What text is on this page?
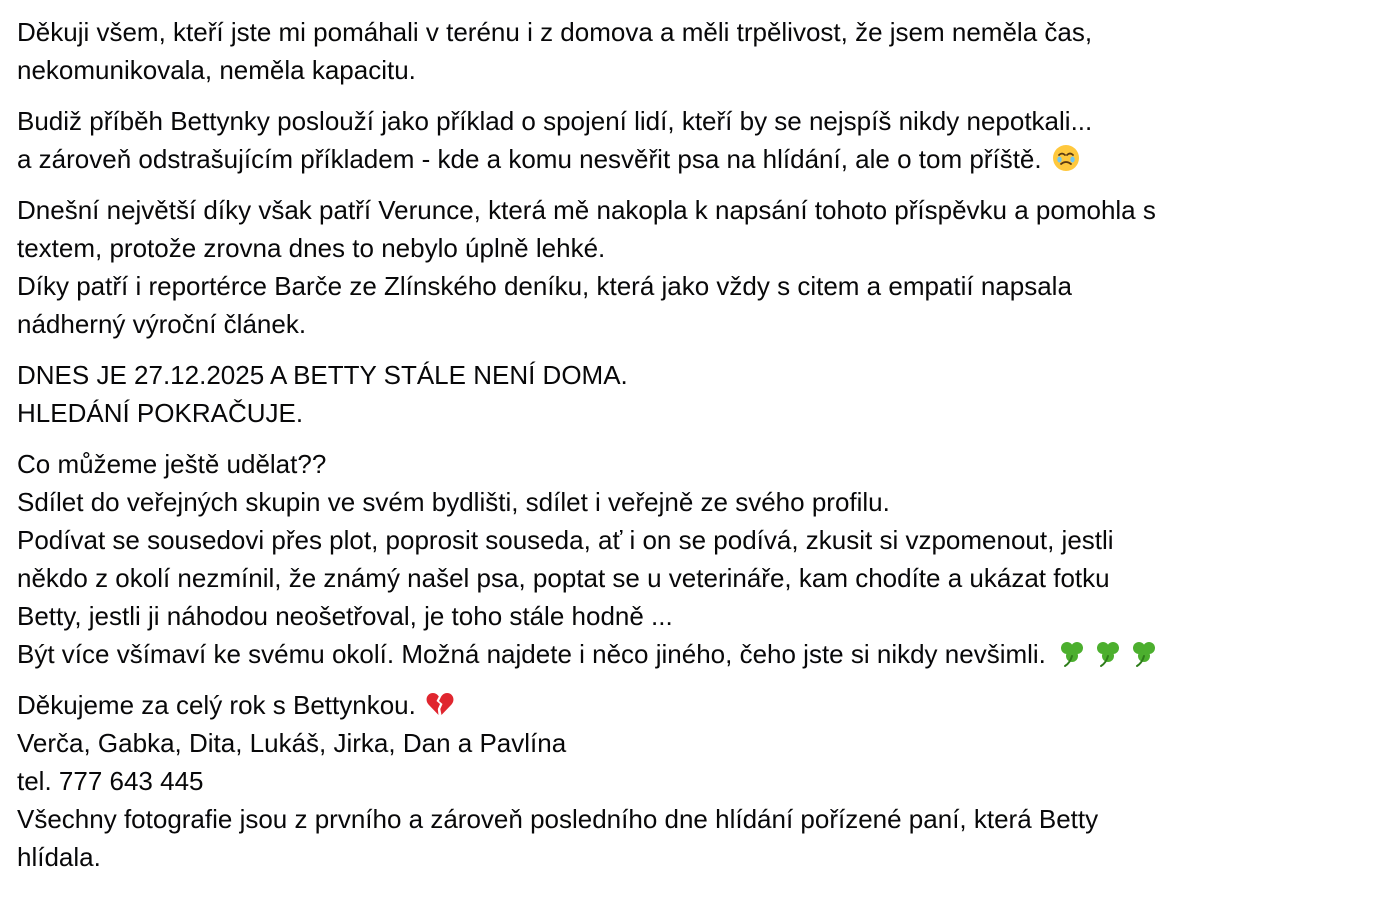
Děkuji všem, kteří jste mi pomáhali v terénu i z domova a měli trpělivost, že jsem neměla čas,
nekomunikovala, neměla kapacitu.
Budiž příběh Bettynky poslouží jako příklad o spojení lidí, kteří by se nejspíš nikdy nepotkali...
a zároveň odstrašujícím příkladem - kde a komu nesvěřit psa na hlídání, ale o tom příště.
Dnešní největší díky však patří Verunce, která mě nakopla k napsání tohoto příspěvku a pomohla s
textem, protože zrovna dnes to nebylo úplně lehké.
Díky patří i reportérce Barče ze Zlínského deníku, která jako vždy s citem a empatií napsala
nádherný výroční článek.
DNES JE 27.12.2025 A BETTY STÁLE NENÍ DOMA.
HLEDÁNÍ POKRAČUJE.
Co můžeme ještě udělat??
Sdílet do veřejných skupin ve svém bydlišti, sdílet i veřejně ze svého profilu.
Podívat se sousedovi přes plot, poprosit souseda, ať i on se podívá, zkusit si vzpomenout, jestli
někdo z okolí nezmínil, že známý našel psa, poptat se u veterináře, kam chodíte a ukázat fotku
Betty, jestli ji náhodou neošetřoval, je toho stále hodně ...
Být více všímaví ke svému okolí. Možná najdete i něco jiného, čeho jste si nikdy nevšimli.
Děkujeme za celý rok s Bettynkou.
Verča, Gabka, Dita, Lukáš, Jirka, Dan a Pavlína
tel. 777 643 445
Všechny fotografie jsou z prvního a zároveň posledního dne hlídání pořízené paní, která Betty
hlídala.
